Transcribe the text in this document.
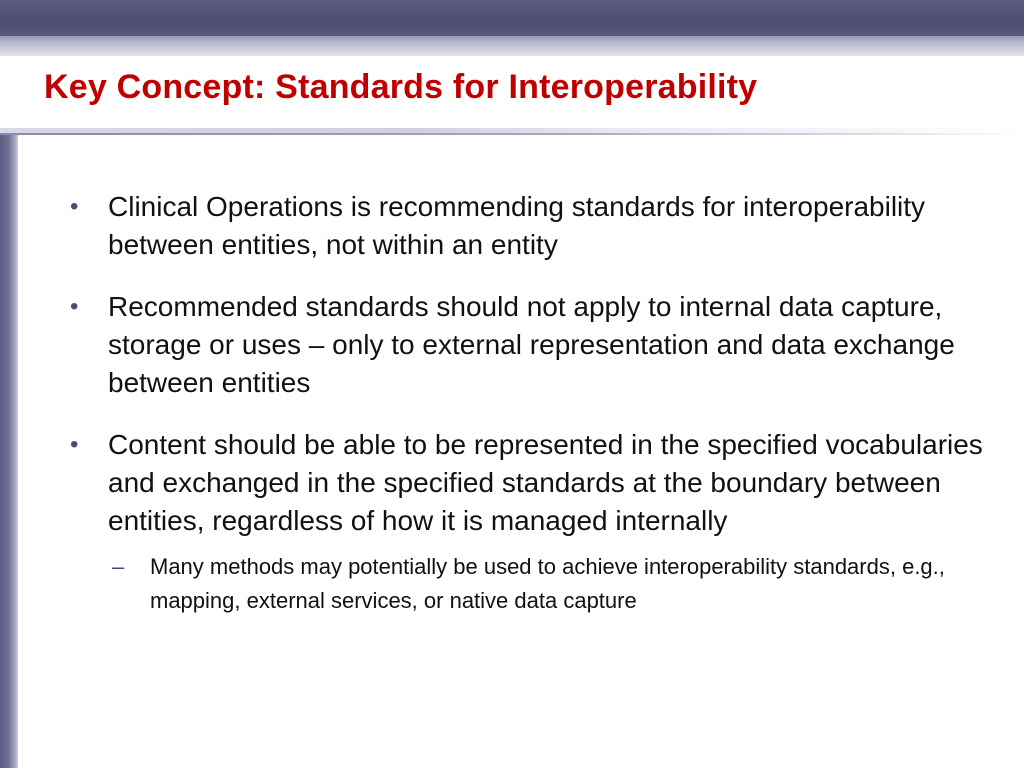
Key Concept: Standards for Interoperability
• Clinical Operations is recommending standards for interoperability between entities, not within an entity
• Recommended standards should not apply to internal data capture, storage or uses – only to external representation and data exchange between entities
• Content should be able to be represented in the specified vocabularies and exchanged in the specified standards at the boundary between entities, regardless of how it is managed internally
– Many methods may potentially be used to achieve interoperability standards, e.g., mapping, external services, or native data capture
